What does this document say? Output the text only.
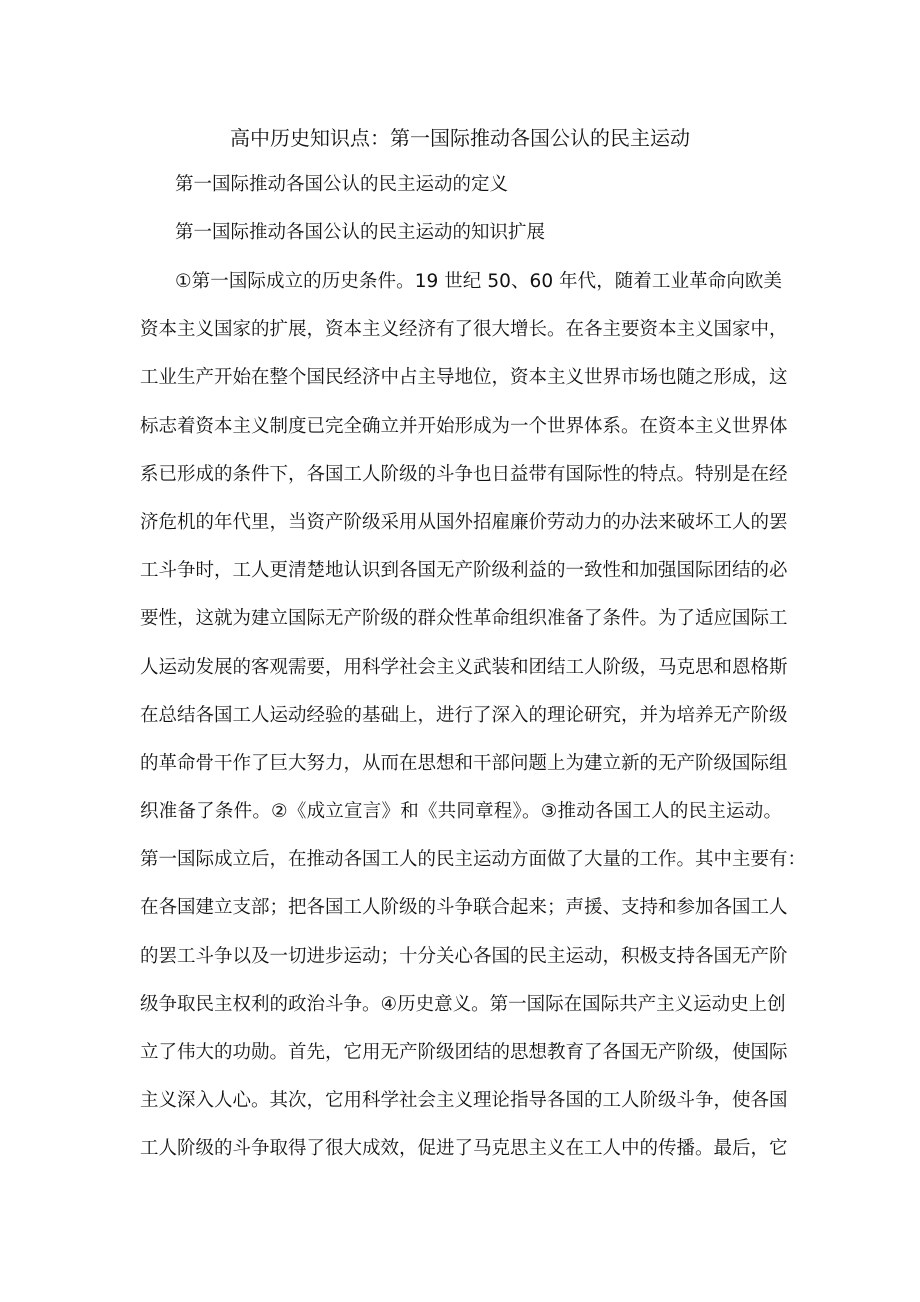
高中历史知识点：第一国际推动各国公认的民主运动
第一国际推动各国公认的民主运动的定义
第一国际推动各国公认的民主运动的知识扩展
①第一国际成立的历史条件。19 世纪 50、60 年代，随着工业革命向欧美
资本主义国家的扩展，资本主义经济有了很大增长。在各主要资本主义国家中，
工业生产开始在整个国民经济中占主导地位，资本主义世界市场也随之形成，这
标志着资本主义制度已完全确立并开始形成为一个世界体系。在资本主义世界体
系已形成的条件下，各国工人阶级的斗争也日益带有国际性的特点。特别是在经
济危机的年代里，当资产阶级采用从国外招雇廉价劳动力的办法来破坏工人的罢
工斗争时，工人更清楚地认识到各国无产阶级利益的一致性和加强国际团结的必
要性，这就为建立国际无产阶级的群众性革命组织准备了条件。为了适应国际工
人运动发展的客观需要，用科学社会主义武装和团结工人阶级，马克思和恩格斯
在总结各国工人运动经验的基础上，进行了深入的理论研究，并为培养无产阶级
的革命骨干作了巨大努力，从而在思想和干部问题上为建立新的无产阶级国际组
织准备了条件。②《成立宣言》和《共同章程》。③推动各国工人的民主运动。
第一国际成立后，在推动各国工人的民主运动方面做了大量的工作。其中主要有：
在各国建立支部；把各国工人阶级的斗争联合起来；声援、支持和参加各国工人
的罢工斗争以及一切进步运动；十分关心各国的民主运动，积极支持各国无产阶
级争取民主权利的政治斗争。④历史意义。第一国际在国际共产主义运动史上创
立了伟大的功勋。首先，它用无产阶级团结的思想教育了各国无产阶级，使国际
主义深入人心。其次，它用科学社会主义理论指导各国的工人阶级斗争，使各国
工人阶级的斗争取得了很大成效，促进了马克思主义在工人中的传播。最后，它
